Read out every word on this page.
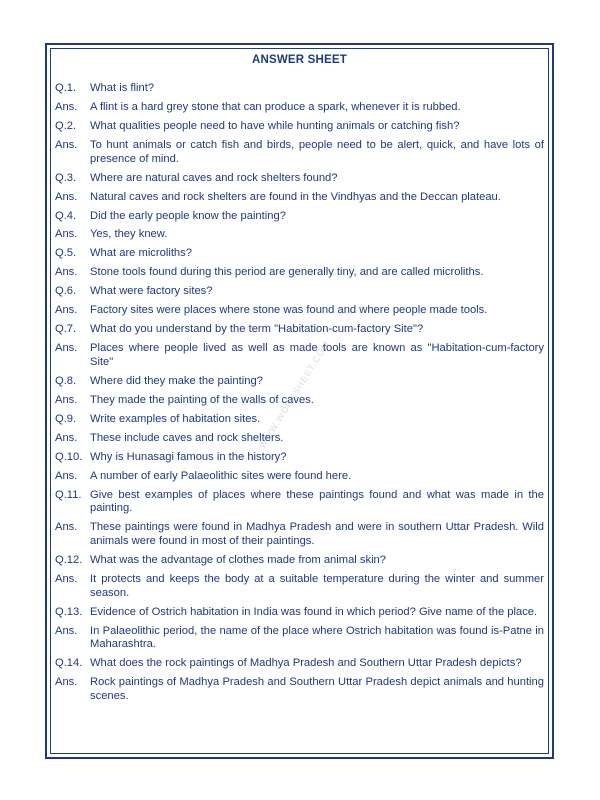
ANSWER SHEET
WWW.WORKSHEET.COM
Q.1.	What is flint?
Ans.	A flint is a hard grey stone that can produce a spark, whenever it is rubbed.
Q.2.	What qualities people need to have while hunting animals or catching fish?
Ans.	To hunt animals or catch fish and birds, people need to be alert, quick, and have lots of presence of mind.
Q.3.	Where are natural caves and rock shelters found?
Ans.	Natural caves and rock shelters are found in the Vindhyas and the Deccan plateau.
Q.4.	Did the early people know the painting?
Ans.	Yes, they knew.
Q.5.	What are microliths?
Ans.	Stone tools found during this period are generally tiny, and are called microliths.
Q.6.	What were factory sites?
Ans.	Factory sites were places where stone was found and where people made tools.
Q.7.	What do you understand by the term "Habitation-cum-factory Site"?
Ans.	Places where people lived as well as made tools are known as "Habitation-cum-factory Site"
Q.8.	Where did they make the painting?
Ans.	They made the painting of the walls of caves.
Q.9.	Write examples of habitation sites.
Ans.	These include caves and rock shelters.
Q.10. Why is Hunasagi famous in the history?
Ans.	A number of early Palaeolithic sites were found here.
Q.11. Give best examples of places where these paintings found and what was made in the painting.
Ans.	These paintings were found in Madhya Pradesh and were in southern Uttar Pradesh. Wild animals were found in most of their paintings.
Q.12. What was the advantage of clothes made from animal skin?
Ans.	It protects and keeps the body at a suitable temperature during the winter and summer season.
Q.13. Evidence of Ostrich habitation in India was found in which period? Give name of the place.
Ans.	In Palaeolithic period, the name of the place where Ostrich habitation was found is-Patne in Maharashtra.
Q.14. What does the rock paintings of Madhya Pradesh and Southern Uttar Pradesh depicts?
Ans.	Rock paintings of Madhya Pradesh and Southern Uttar Pradesh depict animals and hunting scenes.
